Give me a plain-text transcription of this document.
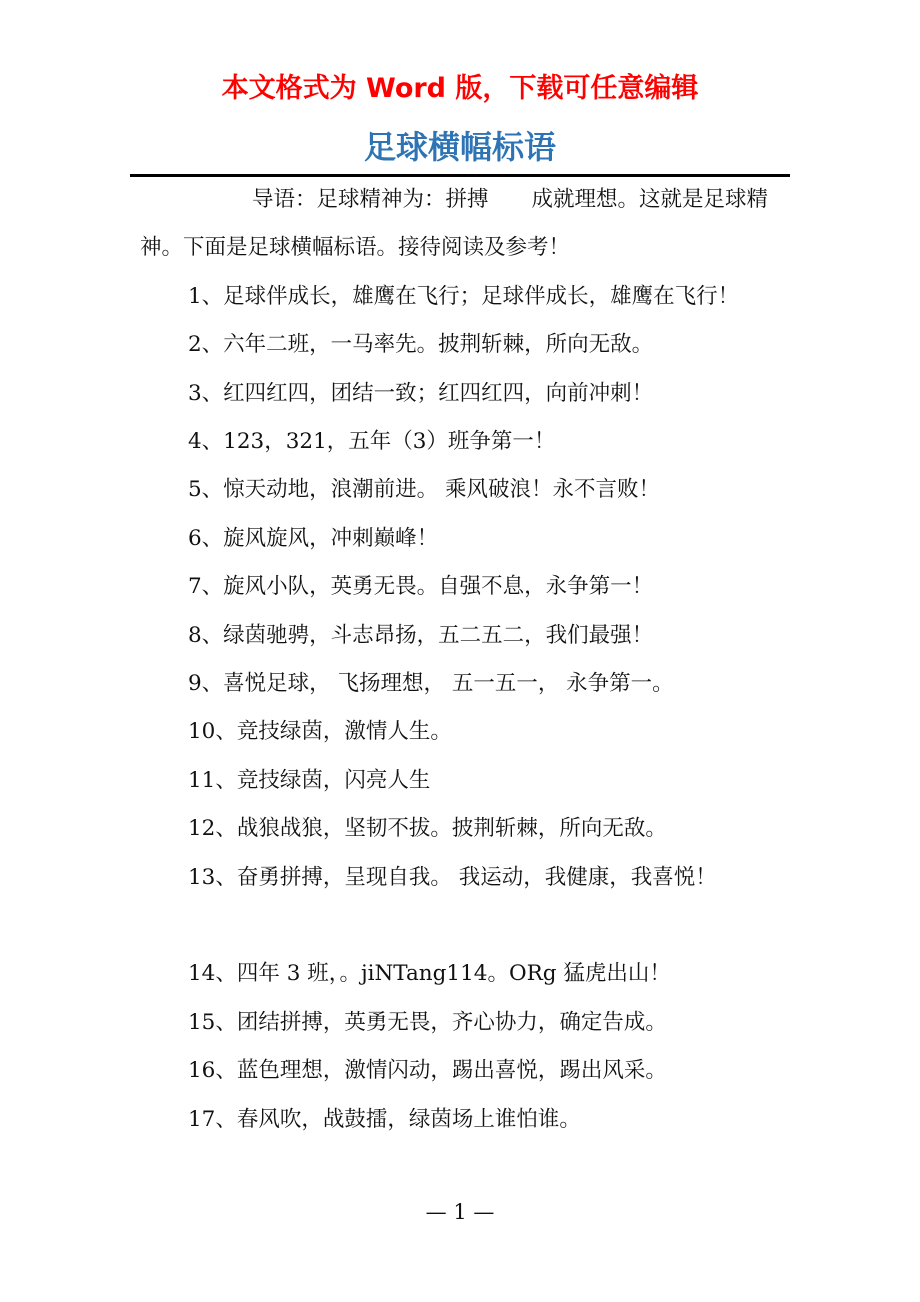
本文格式为 Word 版，下载可任意编辑
足球横幅标语

导语：足球精神为：拼搏　　成就理想。这就是足球精神。下面是足球横幅标语。接待阅读及参考！

1、足球伴成长，雄鹰在飞行；足球伴成长，雄鹰在飞行！

2、六年二班，一马率先。披荆斩棘，所向无敌。

3、红四红四，团结一致；红四红四，向前冲刺！

4、123，321，五年（3）班争第一！

5、惊天动地，浪潮前进。 乘风破浪！永不言败！

6、旋风旋风，冲刺巅峰！

7、旋风小队，英勇无畏。自强不息，永争第一！

8、绿茵驰骋，斗志昂扬，五二五二，我们最强！

9、喜悦足球， 飞扬理想， 五一五一， 永争第一。

10、竞技绿茵，激情人生。

11、竞技绿茵，闪亮人生

12、战狼战狼，坚韧不拔。披荆斩棘，所向无敌。

13、奋勇拼搏，呈现自我。 我运动，我健康，我喜悦！

14、四年 3 班，。jiNTang114。ORg 猛虎出山！

15、团结拼搏，英勇无畏，齐心协力，确定告成。

16、蓝色理想，激情闪动，踢出喜悦，踢出风采。

17、春风吹，战鼓擂，绿茵场上谁怕谁。

— 1 —
